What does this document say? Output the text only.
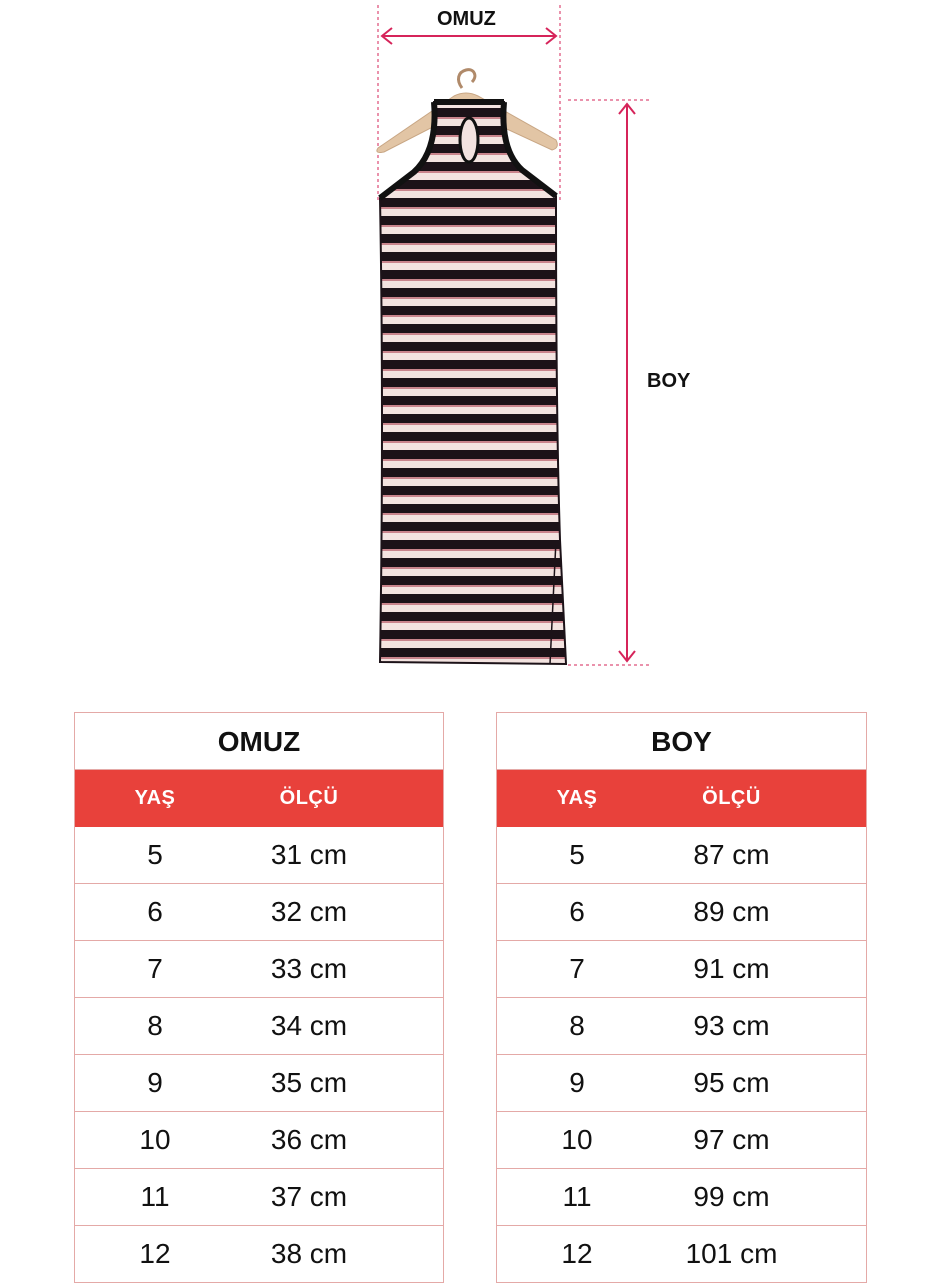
OMUZ
BOY
OMUZ
YAŞ	ÖLÇÜ
5	31 cm
6	32 cm
7	33 cm
8	34 cm
9	35 cm
10	36 cm
11	37 cm
12	38 cm
BOY
YAŞ	ÖLÇÜ
5	87 cm
6	89 cm
7	91 cm
8	93 cm
9	95 cm
10	97 cm
11	99 cm
12	101 cm
